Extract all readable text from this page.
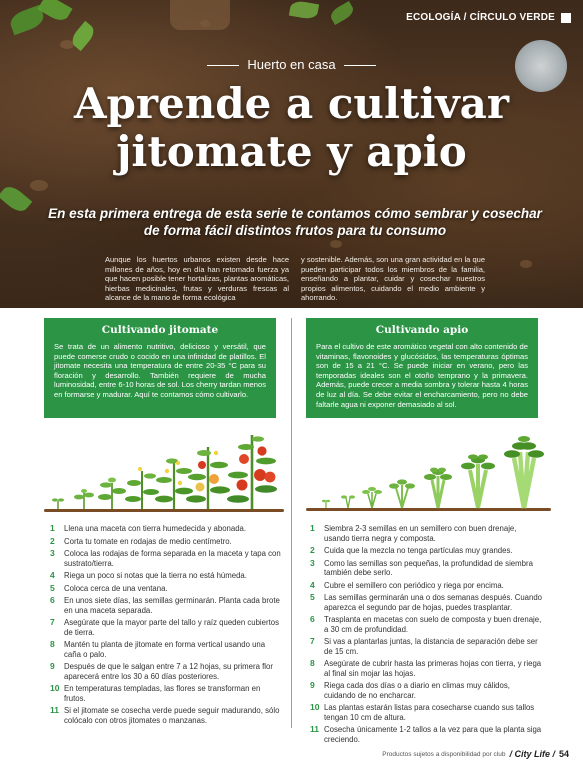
ECOLOGÍA / CÍRCULO VERDE
Huerto en casa
Aprende a cultivar
jitomate y apio
En esta primera entrega de esta serie te contamos cómo sembrar y cosechar de forma fácil distintos frutos para tu consumo

Aunque los huertos urbanos existen desde hace millones de años, hoy en día han retomado fuerza ya que hacen posible tener hortalizas, plantas aromáticas, hierbas medicinales, frutas y verduras frescas al alcance de la mano de forma ecológica

y sostenible. Además, son una gran actividad en la que pueden participar todos los miembros de la familia, enseñando a plantar, cuidar y cosechar nuestros propios alimentos, cuidando el medio ambiente y ahorrando.

Cultivando jitomate
Se trata de un alimento nutritivo, delicioso y versátil, que puede comerse crudo o cocido en una infinidad de platillos. El jitomate necesita una temperatura de entre 20-35 °C para su floración y desarrollo. También requiere de mucha luminosidad, entre 6-10 horas de sol. Los cherry tardan menos en formarse y madurar. Aquí te contamos cómo cultivarlo.
1	Llena una maceta con tierra humedecida y abonada.
2	Corta tu tomate en rodajas de medio centímetro.
3	Coloca las rodajas de forma separada en la maceta y tapa con sustrato/tierra.
4	Riega un poco si notas que la tierra no está húmeda.
5	Coloca cerca de una ventana.
6	En unos siete días, las semillas germinarán. Planta cada brote en una maceta separada.
7	Asegúrate que la mayor parte del tallo y raíz queden cubiertos de tierra.
8	Mantén tu planta de jitomate en forma vertical usando una caña o palo.
9	Después de que le salgan entre 7 a 12 hojas, su primera flor aparecerá entre los 30 a 60 días posteriores.
10 En temperaturas templadas, las flores se transforman en frutos.
11 Si el jitomate se cosecha verde puede seguir madurando, sólo colócalo con otros jitomates o manzanas.
Cultivando apio
Para el cultivo de este aromático vegetal con alto contenido de vitaminas, flavonoides y glucósidos, las temperaturas óptimas son de 15 a 21 °C. Se puede iniciar en verano, pero las temporadas ideales son el otoño temprano y la primavera. Además, puede crecer a media sombra y tolerar hasta 4 horas de luz al día. Se debe evitar el encharcamiento, pero no debe faltarle agua ni exponer demasiado al sol.
1	Siembra 2-3 semillas en un semillero con buen drenaje, usando tierra negra y composta.
2	Cuida que la mezcla no tenga partículas muy grandes.
3	Como las semillas son pequeñas, la profundidad de siembra también debe serlo.
4	Cubre el semillero con periódico y riega por encima.
5	Las semillas germinarán una o dos semanas después. Cuando aparezca el segundo par de hojas, puedes trasplantar.
6	Trasplanta en macetas con suelo de composta y buen drenaje, a 30 cm de profundidad.
7	Si vas a plantarlas juntas, la distancia de separación debe ser de 15 cm.
8	Asegúrate de cubrir hasta las primeras hojas con tierra, y riega al final sin mojar las hojas.
9	Riega cada dos días o a diario en climas muy cálidos, cuidando de no encharcar.
10 Las plantas estarán listas para cosecharse cuando sus tallos tengan 10 cm de altura.
11 Cosecha únicamente 1-2 tallos a la vez para que la planta siga creciendo.
Productos sujetos a disponibilidad por club / City Life / 54
